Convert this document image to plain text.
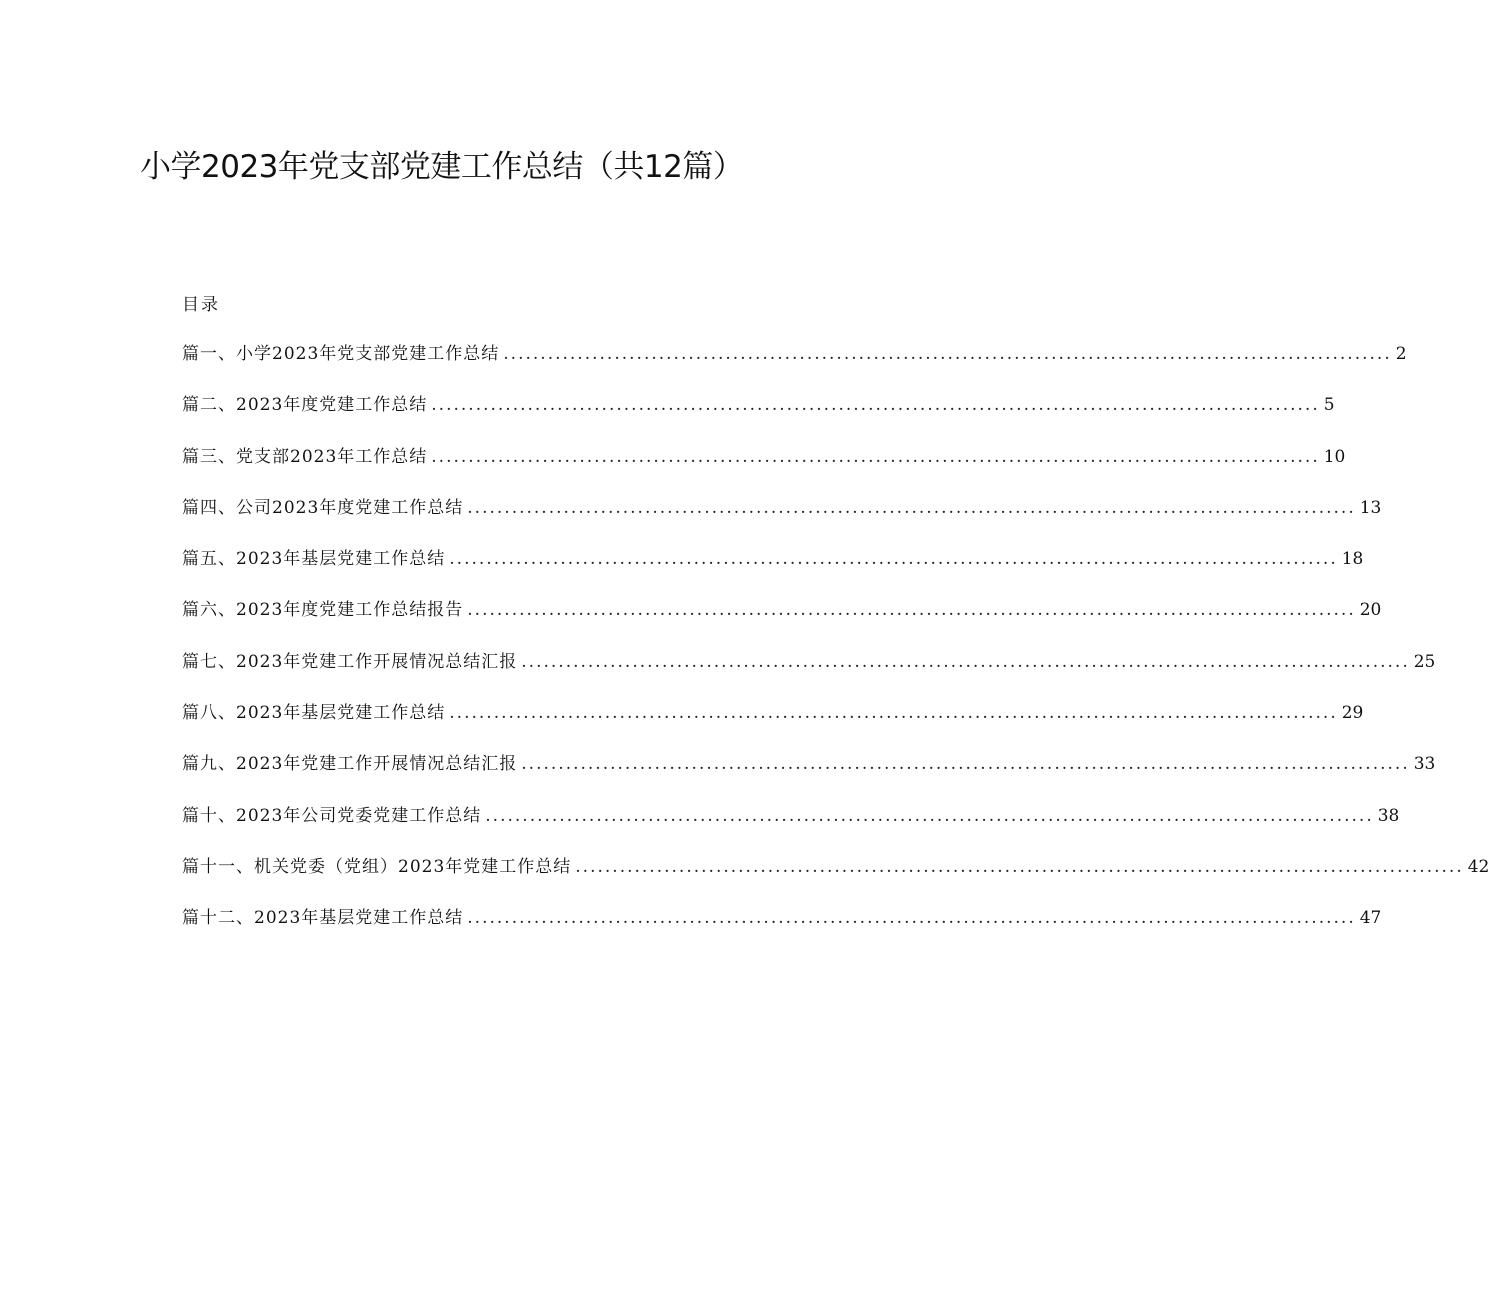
小学2023年党支部党建工作总结（共12篇）
目录
篇一、小学2023年党支部党建工作总结 ........................................................................................................................ 2
篇二、2023年度党建工作总结 ........................................................................................................................ 5
篇三、党支部2023年工作总结 ........................................................................................................................ 10
篇四、公司2023年度党建工作总结 ........................................................................................................................ 13
篇五、2023年基层党建工作总结 ........................................................................................................................ 18
篇六、2023年度党建工作总结报告 ........................................................................................................................ 20
篇七、2023年党建工作开展情况总结汇报 ........................................................................................................................ 25
篇八、2023年基层党建工作总结 ........................................................................................................................ 29
篇九、2023年党建工作开展情况总结汇报 ........................................................................................................................ 33
篇十、2023年公司党委党建工作总结 ........................................................................................................................ 38
篇十一、机关党委（党组）2023年党建工作总结 ........................................................................................................................ 42
篇十二、2023年基层党建工作总结 ........................................................................................................................ 47
